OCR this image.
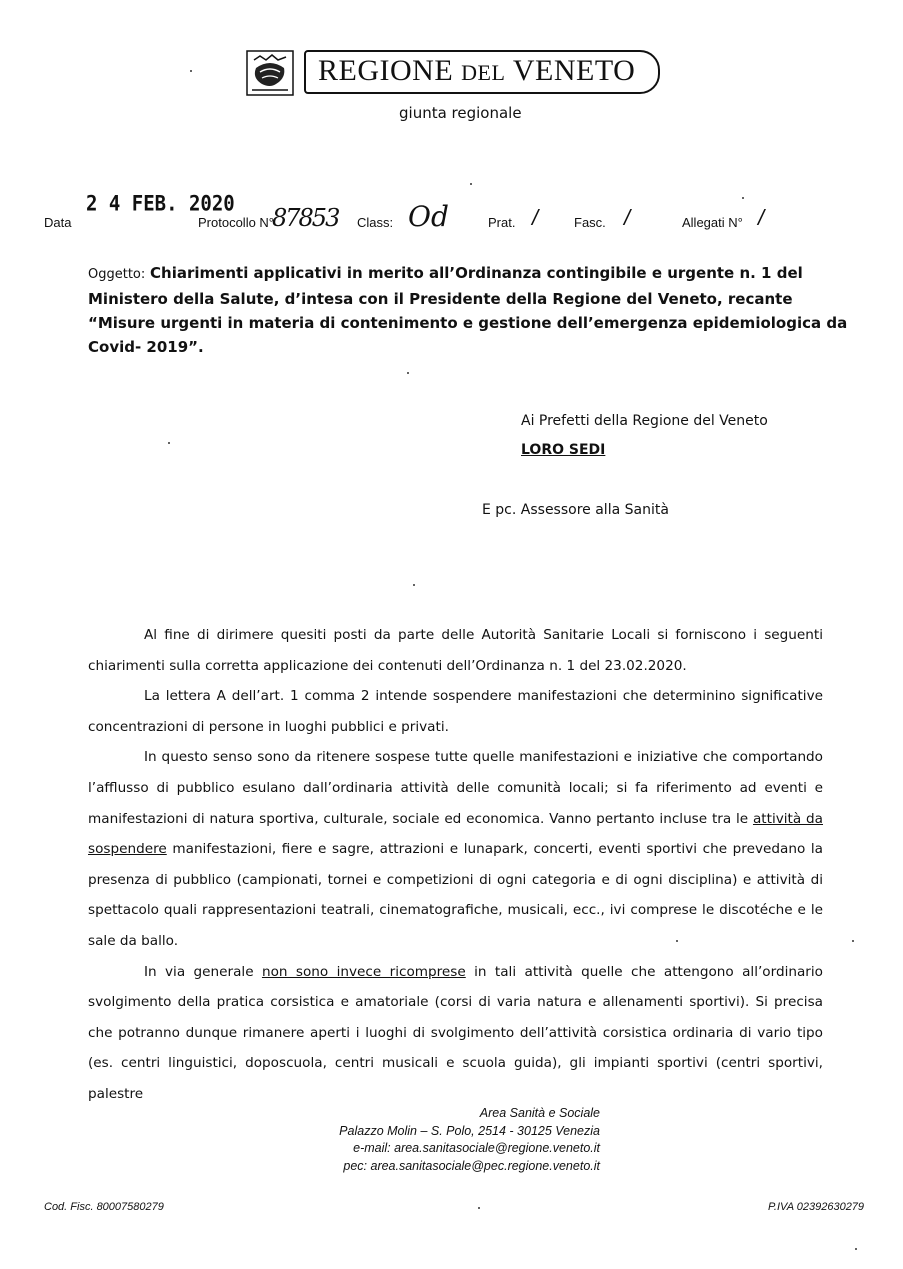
REGIONE DEL VENETO
giunta regionale
Data
2 4 FEB. 2020
Protocollo N°
87853 Class: Od	Prat. /	Fasc. /	Allegati N° /
Oggetto: Chiarimenti applicativi in merito all’Ordinanza contingibile e urgente n. 1 del Ministero della Salute, d’intesa con il Presidente della Regione del Veneto, recante “Misure urgenti in materia di contenimento e gestione dell’emergenza epidemiologica da Covid- 2019”.
Ai Prefetti della Regione del Veneto
LORO SEDI
E pc. Assessore alla Sanità

Al fine di dirimere quesiti posti da parte delle Autorità Sanitarie Locali si forniscono i seguenti chiarimenti sulla corretta applicazione dei contenuti dell’Ordinanza n. 1 del 23.02.2020.

La lettera A dell’art. 1 comma 2 intende sospendere manifestazioni che determinino significative concentrazioni di persone in luoghi pubblici e privati.

In questo senso sono da ritenere sospese tutte quelle manifestazioni e iniziative che comportando l’afflusso di pubblico esulano dall’ordinaria attività delle comunità locali; si fa riferimento ad eventi e manifestazioni di natura sportiva, culturale, sociale ed economica. Vanno pertanto incluse tra le attività da sospendere manifestazioni, fiere e sagre, attrazioni e lunapark, concerti, eventi sportivi che prevedano la presenza di pubblico (campionati, tornei e competizioni di ogni categoria e di ogni disciplina) e attività di spettacolo quali rappresentazioni teatrali, cinematografiche, musicali, ecc., ivi comprese le discotéche e le sale da ballo.

In via generale non sono invece ricomprese in tali attività quelle che attengono all’ordinario svolgimento della pratica corsistica e amatoriale (corsi di varia natura e allenamenti sportivi). Si precisa che potranno dunque rimanere aperti i luoghi di svolgimento dell’attività corsistica ordinaria di vario tipo (es. centri linguistici, doposcuola, centri musicali e scuola guida), gli impianti sportivi (centri sportivi, palestre

Area Sanità e Sociale
Palazzo Molin – S. Polo, 2514 - 30125 Venezia
e-mail: area.sanitasociale@regione.veneto.it
pec: area.sanitasociale@pec.regione.veneto.it
Cod. Fisc. 80007580279	P.IVA 02392630279
